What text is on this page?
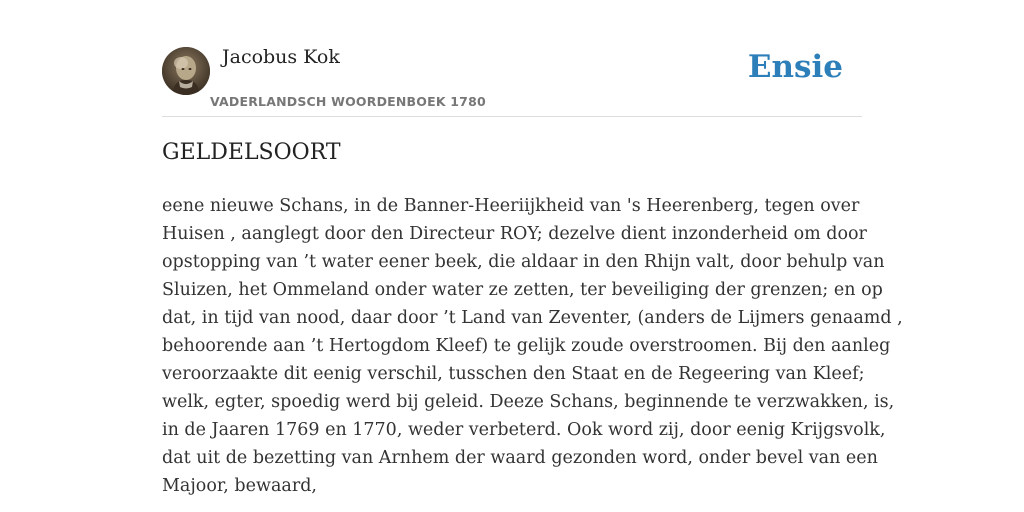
Jacobus Kok
VADERLANDSCH WOORDENBOEK 1780
Ensie
GELDELSOORT

eene nieuwe Schans, in de Banner-Heeriijkheid van 's Heerenberg, tegen over
Huisen , aanglegt door den Directeur ROY; dezelve dient inzonderheid om door
opstopping van ’t water eener beek, die aldaar in den Rhijn valt, door behulp van
Sluizen, het Ommeland onder water ze zetten, ter beveiliging der grenzen; en op
dat, in tijd van nood, daar door ’t Land van Zeventer, (anders de Lijmers genaamd ,
behoorende aan ’t Hertogdom Kleef) te gelijk zoude overstroomen. Bij den aanleg
veroorzaakte dit eenig verschil, tusschen den Staat en de Regeering van Kleef;
welk, egter, spoedig werd bij geleid. Deeze Schans, beginnende te verzwakken, is,
in de Jaaren 1769 en 1770, weder verbeterd. Ook word zij, door eenig Krijgsvolk,
dat uit de bezetting van Arnhem der waard gezonden word, onder bevel van een
Majoor, bewaard,
